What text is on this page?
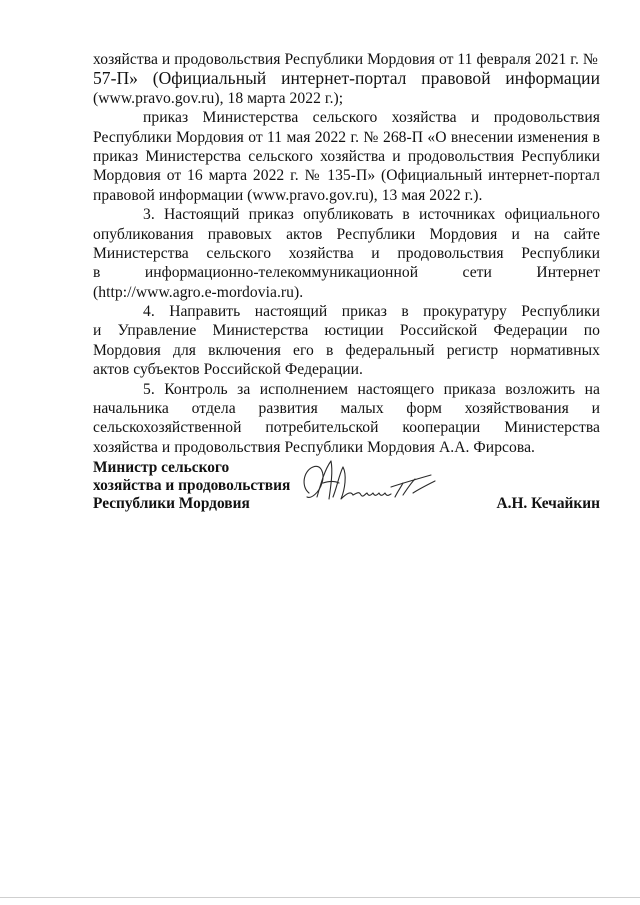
хозяйства и продовольствия Республики Мордовия от 11 февраля 2021 г. №
57-П» (Официальный интернет-портал правовой информации
(www.pravo.gov.ru), 18 марта 2022 г.);
приказ Министерства сельского хозяйства и продовольствия
Республики Мордовия от 11 мая 2022 г. № 268-П «О внесении изменения в
приказ Министерства сельского хозяйства и продовольствия Республики
Мордовия от 16 марта 2022 г. № 135-П» (Официальный интернет-портал
правовой информации (www.pravo.gov.ru), 13 мая 2022 г.).
3. Настоящий приказ опубликовать в источниках официального
опубликования правовых актов Республики Мордовия и на сайте
Министерства сельского хозяйства и продовольствия Республики
в информационно-телекоммуникационной сети Интернет
(http://www.agro.e-mordovia.ru).
4. Направить настоящий приказ в прокуратуру Республики
и Управление Министерства юстиции Российской Федерации по
Мордовия для включения его в федеральный регистр нормативных
актов субъектов Российской Федерации.
5. Контроль за исполнением настоящего приказа возложить на
начальника отдела развития малых форм хозяйствования и
сельскохозяйственной потребительской кооперации Министерства
хозяйства и продовольствия Республики Мордовия А.А. Фирсова.
Министр сельского
хозяйства и продовольствия
Республики Мордовия	А.Н. Кечайкин
